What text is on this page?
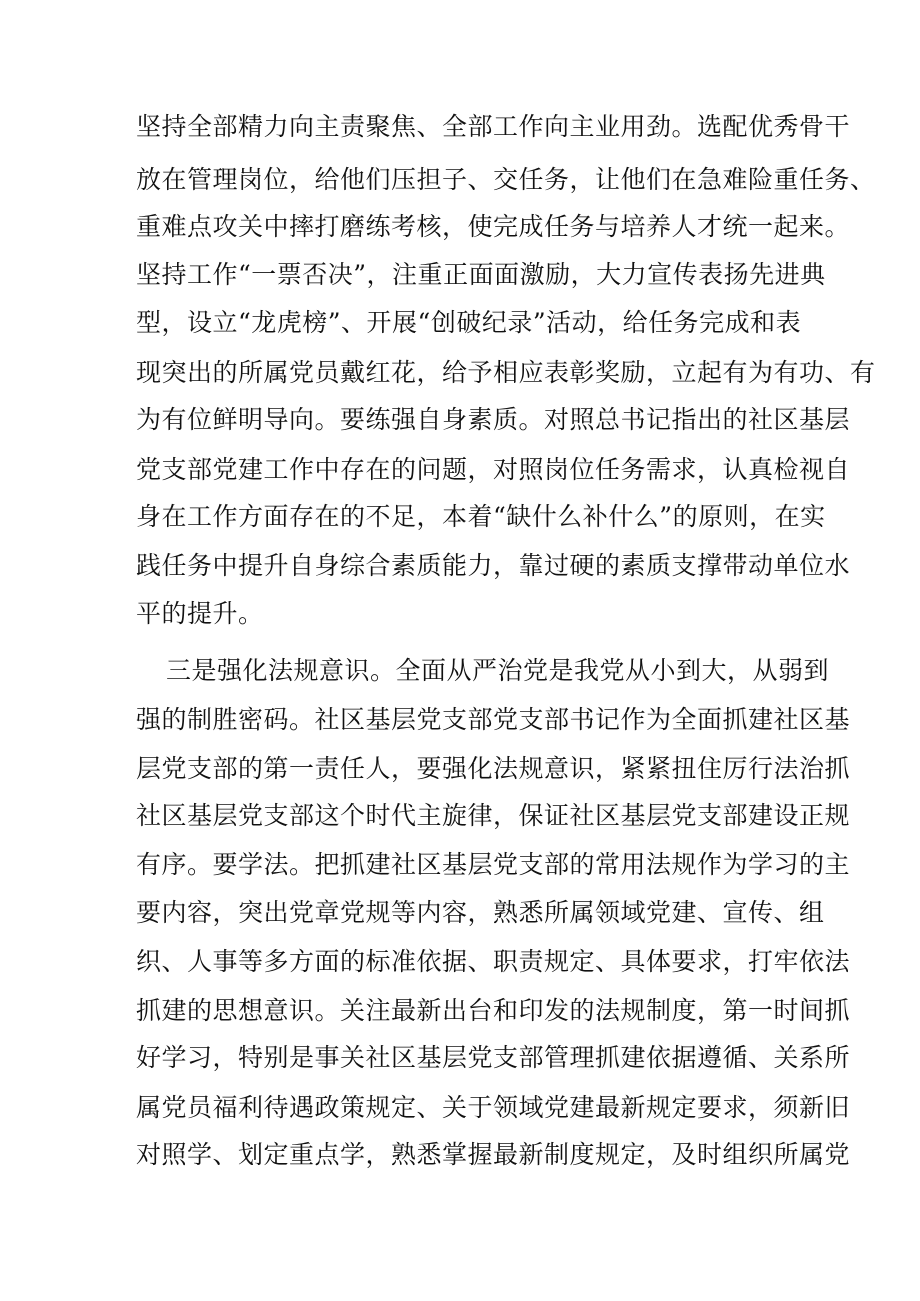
坚持全部精力向主责聚焦、全部工作向主业用劲。选配优秀骨干
放在管理岗位，给他们压担子、交任务，让他们在急难险重任务、
重难点攻关中摔打磨练考核，使完成任务与培养人才统一起来。
坚持工作“一票否决”，注重正面面激励，大力宣传表扬先进典
型，设立“龙虎榜”、开展“创破纪录”活动，给任务完成和表
现突出的所属党员戴红花，给予相应表彰奖励，立起有为有功、有
为有位鲜明导向。要练强自身素质。对照总书记指出的社区基层
党支部党建工作中存在的问题，对照岗位任务需求，认真检视自
身在工作方面存在的不足，本着“缺什么补什么”的原则，在实
践任务中提升自身综合素质能力，靠过硬的素质支撑带动单位水
平的提升。
三是强化法规意识。全面从严治党是我党从小到大，从弱到
强的制胜密码。社区基层党支部党支部书记作为全面抓建社区基
层党支部的第一责任人，要强化法规意识，紧紧扭住厉行法治抓
社区基层党支部这个时代主旋律，保证社区基层党支部建设正规
有序。要学法。把抓建社区基层党支部的常用法规作为学习的主
要内容，突出党章党规等内容，熟悉所属领域党建、宣传、组
织、人事等多方面的标准依据、职责规定、具体要求，打牢依法
抓建的思想意识。关注最新出台和印发的法规制度，第一时间抓
好学习，特别是事关社区基层党支部管理抓建依据遵循、关系所
属党员福利待遇政策规定、关于领域党建最新规定要求，须新旧
对照学、划定重点学，熟悉掌握最新制度规定，及时组织所属党
